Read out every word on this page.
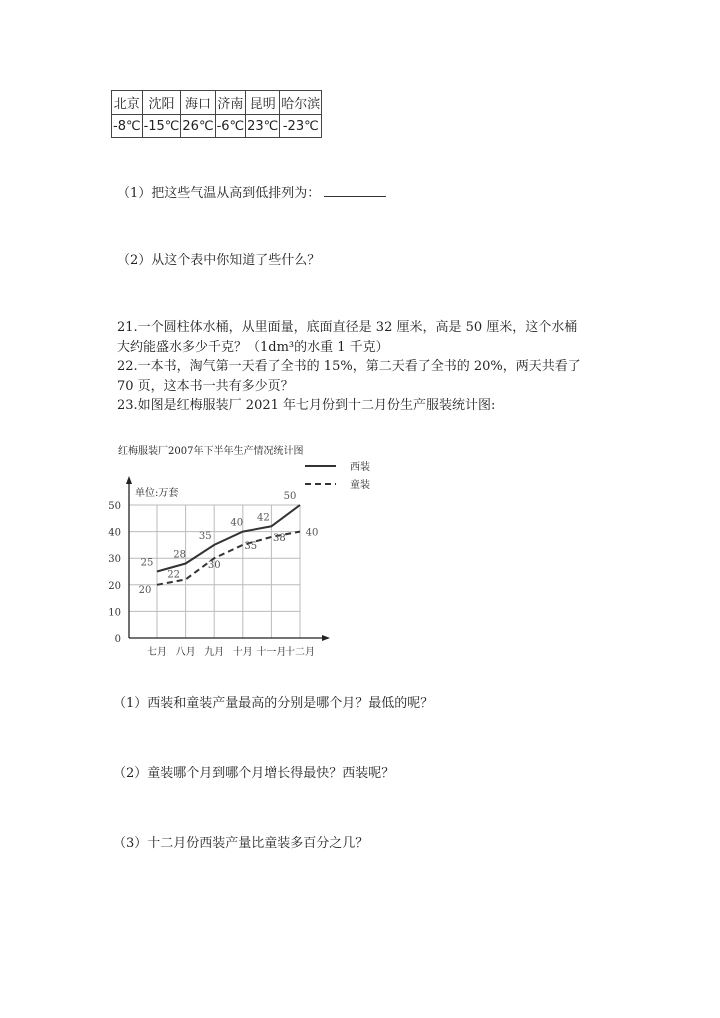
北京	沈阳	海口	济南	昆明	哈尔滨
-8℃	-15℃	26℃	-6℃	23℃	-23℃
（1）把这些气温从高到低排列为：
（2）从这个表中你知道了些什么？
21.一个圆柱体水桶，从里面量，底面直径是 32 厘米，高是 50 厘米，这个水桶
大约能盛水多少千克？（1dm³的水重 1 千克）
22.一本书，淘气第一天看了全书的 15%，第二天看了全书的 20%，两天共看了
70 页，这本书一共有多少页？
23.如图是红梅服装厂 2021 年七月份到十二月份生产服装统计图:
红梅服装厂2007年下半年生产情况统计图
0
10
20
30
40
50
七月 八月 九月 十月 十一月
十二月
单位:万套
25
28
35
40 42
50
西装
20
22
30
35
38 40
童装
（1）西装和童装产量最高的分别是哪个月？最低的呢？
（2）童装哪个月到哪个月增长得最快？西装呢？
（3）十二月份西装产量比童装多百分之几？
